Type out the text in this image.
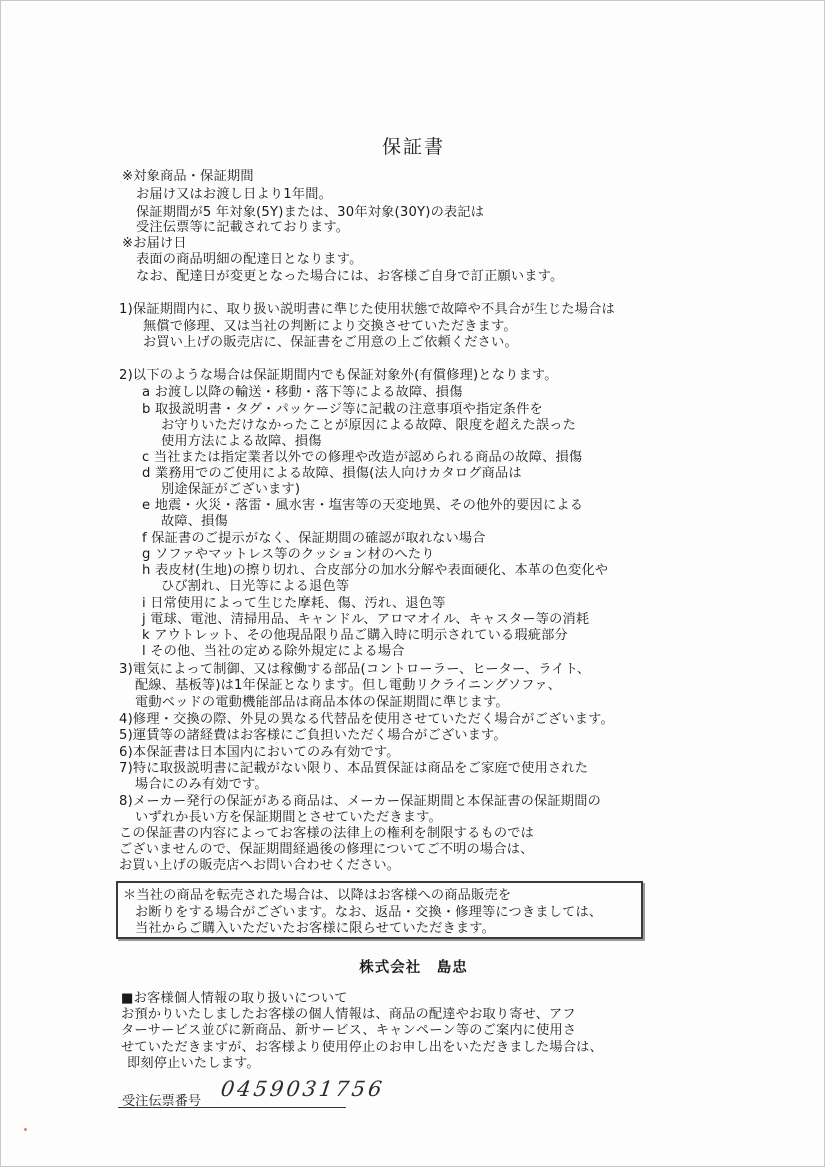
保証書
※対象商品・保証期間
お届け又はお渡し日より1年間。
保証期間が5 年対象(5Y)または、30年対象(30Y)の表記は
受注伝票等に記載されております。
※お届け日
表面の商品明細の配達日となります。
なお、配達日が変更となった場合には、お客様ご自身で訂正願います。
1)保証期間内に、取り扱い説明書に準じた使用状態で故障や不具合が生じた場合は
無償で修理、又は当社の判断により交換させていただきます。
お買い上げの販売店に、保証書をご用意の上ご依頼ください。
2)以下のような場合は保証期間内でも保証対象外(有償修理)となります。
a お渡し以降の輸送・移動・落下等による故障、損傷
b 取扱説明書・タグ・パッケージ等に記載の注意事項や指定条件を
お守りいただけなかったことが原因による故障、限度を超えた誤った
使用方法による故障、損傷
c 当社または指定業者以外での修理や改造が認められる商品の故障、損傷
d 業務用でのご使用による故障、損傷(法人向けカタログ商品は
別途保証がございます)
e 地震・火災・落雷・風水害・塩害等の天変地異、その他外的要因による
故障、損傷
f 保証書のご提示がなく、保証期間の確認が取れない場合
g ソファやマットレス等のクッション材のへたり
h 表皮材(生地)の擦り切れ、合皮部分の加水分解や表面硬化、本革の色変化や
ひび割れ、日光等による退色等
i 日常使用によって生じた摩耗、傷、汚れ、退色等
j 電球、電池、清掃用品、キャンドル、アロマオイル、キャスター等の消耗
k アウトレット、その他現品限り品ご購入時に明示されている瑕疵部分
l その他、当社の定める除外規定による場合
3)電気によって制御、又は稼働する部品(コントローラー、ヒーター、ライト、
配線、基板等)は1年保証となります。但し電動リクライニングソファ、
電動ベッドの電動機能部品は商品本体の保証期間に準じます。
4)修理・交換の際、外見の異なる代替品を使用させていただく場合がございます。
5)運賃等の諸経費はお客様にご負担いただく場合がございます。
6)本保証書は日本国内においてのみ有効です。
7)特に取扱説明書に記載がない限り、本品質保証は商品をご家庭で使用された
場合にのみ有効です。
8)メーカー発行の保証がある商品は、メーカー保証期間と本保証書の保証期間の
いずれか長い方を保証期間とさせていただきます。
この保証書の内容によってお客様の法律上の権利を制限するものでは
ございませんので、保証期間経過後の修理についてご不明の場合は、
お買い上げの販売店へお問い合わせください。
＊当社の商品を転売された場合は、以降はお客様への商品販売を
お断りをする場合がございます。なお、返品・交換・修理等につきましては、
当社からご購入いただいたお客様に限らせていただきます。
株式会社　島忠
■お客様個人情報の取り扱いについて
お預かりいたしましたお客様の個人情報は、商品の配達やお取り寄せ、アフ
ターサービス並びに新商品、新サービス、キャンペーン等のご案内に使用さ
せていただきますが、お客様より使用停止のお申し出をいただきました場合は、
即刻停止いたします。
受注伝票番号
0459031756
